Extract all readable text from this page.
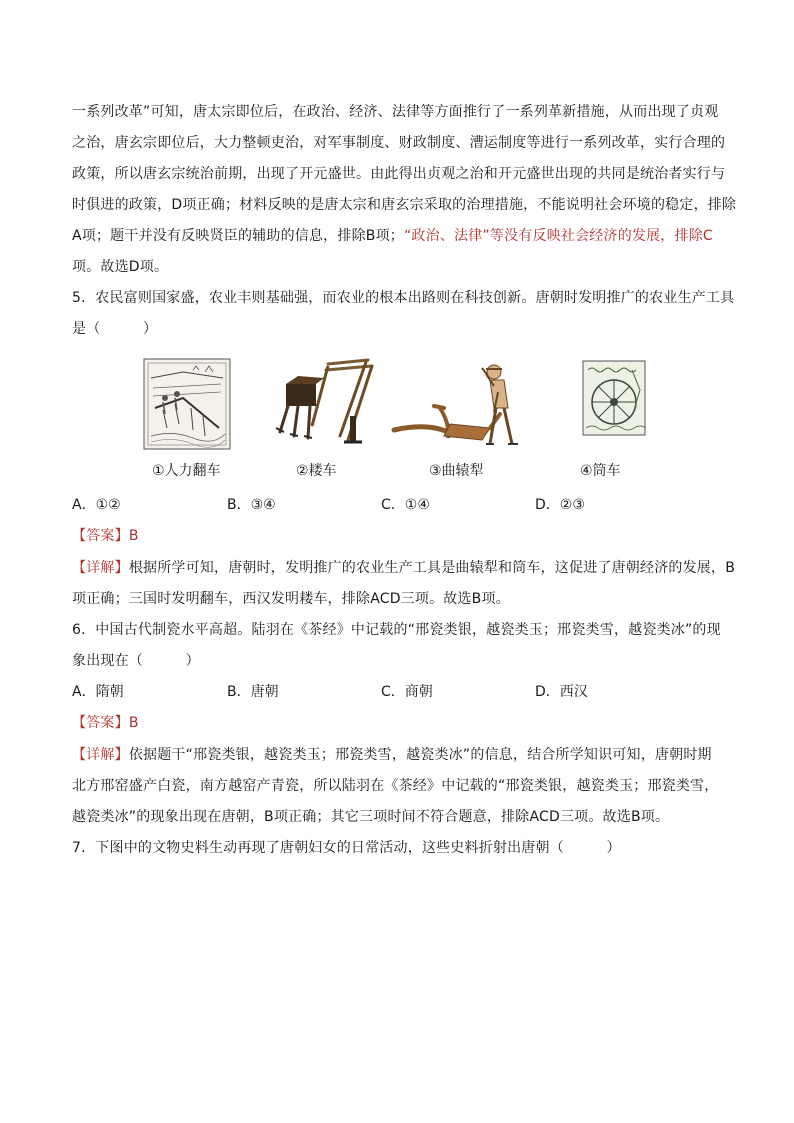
一系列改革”可知，唐太宗即位后，在政治、经济、法律等方面推行了一系列革新措施，从而出现了贞观
之治，唐玄宗即位后，大力整顿吏治，对军事制度、财政制度、漕运制度等进行一系列改革，实行合理的
政策，所以唐玄宗统治前期，出现了开元盛世。由此得出贞观之治和开元盛世出现的共同是统治者实行与
时俱进的政策，D项正确；材料反映的是唐太宗和唐玄宗采取的治理措施，不能说明社会环境的稳定，排除
A项；题干并没有反映贤臣的辅助的信息，排除B项；“政治、法律”等没有反映社会经济的发展，排除C
项。故选D项。
5．农民富则国家盛，农业丰则基础强，而农业的根本出路则在科技创新。唐朝时发明推广的农业生产工具
是（　　　）
①人力翻车	②耧车	③曲辕犁	④筒车
A．①②	B．③④	C．①④	D．②③
【答案】B
【详解】根据所学可知，唐朝时，发明推广的农业生产工具是曲辕犁和筒车，这促进了唐朝经济的发展，B
项正确；三国时发明翻车，西汉发明耧车，排除ACD三项。故选B项。
6．中国古代制瓷水平高超。陆羽在《茶经》中记载的“邢瓷类银，越瓷类玉；邢瓷类雪，越瓷类冰”的现
象出现在（　　　）
A．隋朝	B．唐朝	C．商朝	D．西汉
【答案】B
【详解】依据题干“邢瓷类银，越瓷类玉；邢瓷类雪，越瓷类冰”的信息，结合所学知识可知，唐朝时期
北方邢窑盛产白瓷，南方越窑产青瓷，所以陆羽在《茶经》中记载的“邢瓷类银，越瓷类玉；邢瓷类雪，
越瓷类冰”的现象出现在唐朝，B项正确；其它三项时间不符合题意，排除ACD三项。故选B项。
7．下图中的文物史料生动再现了唐朝妇女的日常活动，这些史料折射出唐朝（　　　）
